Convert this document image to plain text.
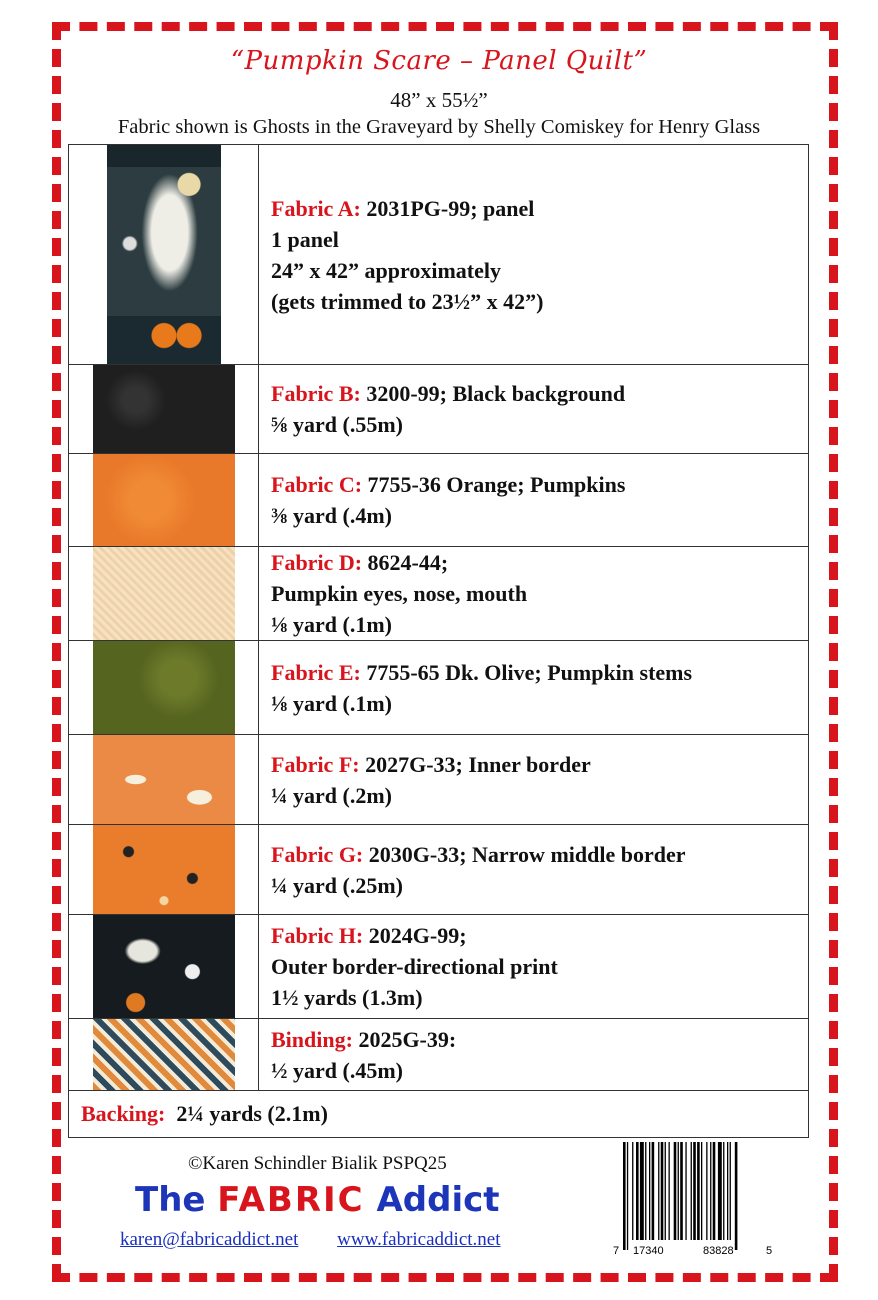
“Pumpkin Scare – Panel Quilt”
48” x 55½”
Fabric shown is Ghosts in the Graveyard by Shelly Comiskey for Henry Glass
	Fabric A: 2031PG-99; panel
1 panel
24” x 42” approximately
(gets trimmed to 23½” x 42”)

	Fabric B: 3200-99; Black background
⅝ yard (.55m)

	Fabric C: 7755-36 Orange; Pumpkins
⅜ yard (.4m)

	Fabric D: 8624-44;
Pumpkin eyes, nose, mouth
⅛ yard (.1m)

	Fabric E: 7755-65 Dk. Olive; Pumpkin stems
⅛ yard (.1m)

	Fabric F: 2027G-33; Inner border
¼ yard (.2m)

	Fabric G: 2030G-33; Narrow middle border
¼ yard (.25m)

	Fabric H: 2024G-99;
Outer border-directional print
1½ yards (1.3m)

	Binding: 2025G-39:
½ yard (.45m)
Backing: 2¼ yards (2.1m)	
©Karen Schindler Bialik PSPQ25
The FABRIC Addict
karen@fabricaddict.net www.fabricaddict.net
7 17340	83828	5
